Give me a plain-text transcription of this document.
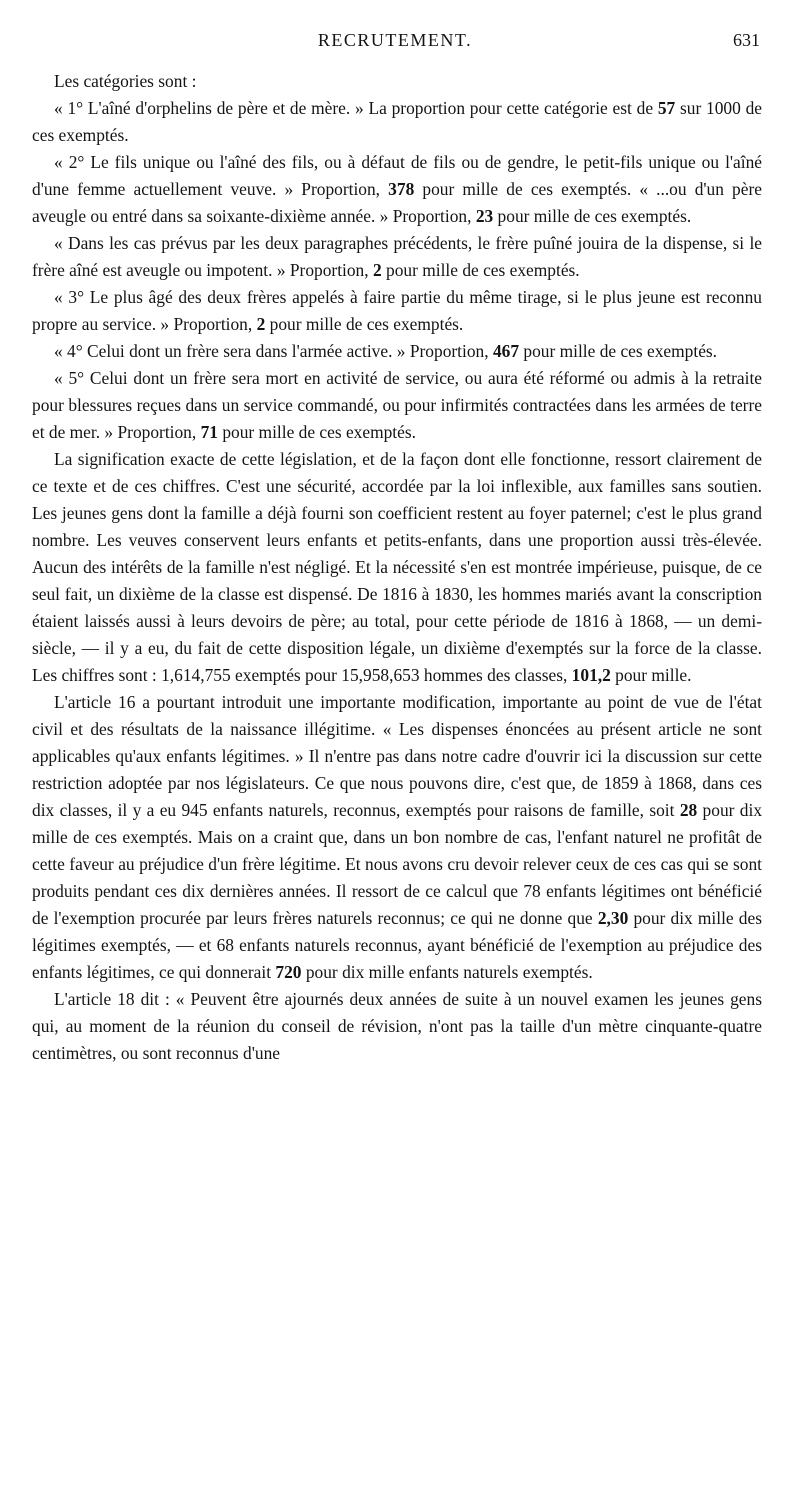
RECRUTEMENT.	631

Les catégories sont :

« 1° L'aîné d'orphelins de père et de mère. » La proportion pour cette catégorie est de 57 sur 1000 de ces exemptés.

« 2° Le fils unique ou l'aîné des fils, ou à défaut de fils ou de gendre, le petit-fils unique ou l'aîné d'une femme actuellement veuve. » Proportion, 378 pour mille de ces exemptés. « ...ou d'un père aveugle ou entré dans sa soixante-dixième année. » Proportion, 23 pour mille de ces exemptés.

« Dans les cas prévus par les deux paragraphes précédents, le frère puîné jouira de la dispense, si le frère aîné est aveugle ou impotent. » Proportion, 2 pour mille de ces exemptés.

« 3° Le plus âgé des deux frères appelés à faire partie du même tirage, si le plus jeune est reconnu propre au service. » Proportion, 2 pour mille de ces exemptés.

« 4° Celui dont un frère sera dans l'armée active. » Proportion, 467 pour mille de ces exemptés.

« 5° Celui dont un frère sera mort en activité de service, ou aura été réformé ou admis à la retraite pour blessures reçues dans un service commandé, ou pour infirmités contractées dans les armées de terre et de mer. » Proportion, 71 pour mille de ces exemptés.

La signification exacte de cette législation, et de la façon dont elle fonctionne, ressort clairement de ce texte et de ces chiffres. C'est une sécurité, accordée par la loi inflexible, aux familles sans soutien. Les jeunes gens dont la famille a déjà fourni son coefficient restent au foyer paternel; c'est le plus grand nombre. Les veuves conservent leurs enfants et petits-enfants, dans une proportion aussi très-élevée. Aucun des intérêts de la famille n'est négligé. Et la nécessité s'en est montrée impérieuse, puisque, de ce seul fait, un dixième de la classe est dispensé. De 1816 à 1830, les hommes mariés avant la conscription étaient laissés aussi à leurs devoirs de père; au total, pour cette période de 1816 à 1868, — un demi-siècle, — il y a eu, du fait de cette disposition légale, un dixième d'exemptés sur la force de la classe. Les chiffres sont : 1,614,755 exemptés pour 15,958,653 hommes des classes, 101,2 pour mille.

L'article 16 a pourtant introduit une importante modification, importante au point de vue de l'état civil et des résultats de la naissance illégitime. « Les dispenses énoncées au présent article ne sont applicables qu'aux enfants légitimes. » Il n'entre pas dans notre cadre d'ouvrir ici la discussion sur cette restriction adoptée par nos législateurs. Ce que nous pouvons dire, c'est que, de 1859 à 1868, dans ces dix classes, il y a eu 945 enfants naturels, reconnus, exemptés pour raisons de famille, soit 28 pour dix mille de ces exemptés. Mais on a craint que, dans un bon nombre de cas, l'enfant naturel ne profitât de cette faveur au préjudice d'un frère légitime. Et nous avons cru devoir relever ceux de ces cas qui se sont produits pendant ces dix dernières années. Il ressort de ce calcul que 78 enfants légitimes ont bénéficié de l'exemption procurée par leurs frères naturels reconnus; ce qui ne donne que 2,30 pour dix mille des légitimes exemptés, — et 68 enfants naturels reconnus, ayant bénéficié de l'exemption au préjudice des enfants légitimes, ce qui donnerait 720 pour dix mille enfants naturels exemptés.

L'article 18 dit : « Peuvent être ajournés deux années de suite à un nouvel examen les jeunes gens qui, au moment de la réunion du conseil de révision, n'ont pas la taille d'un mètre cinquante-quatre centimètres, ou sont reconnus d'une
